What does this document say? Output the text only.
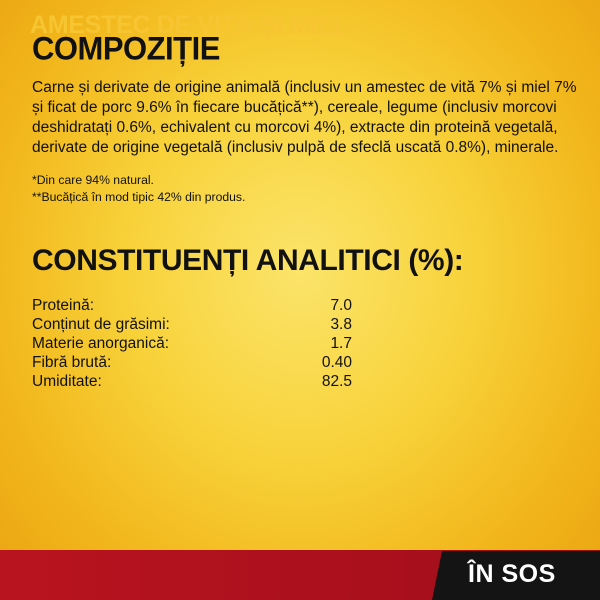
COMPOZIȚIE

Carne și derivate de origine animală (inclusiv un amestec de vită 7% și miel 7% și ficat de porc 9.6% în fiecare bucățică**), cereale, legume (inclusiv morcovi deshidratați 0.6%, echivalent cu morcovi 4%), extracte din proteină vegetală, derivate de origine vegetală (inclusiv pulpă de sfeclă uscată 0.8%), minerale.

*Din care 94% natural.
**Bucățică în mod tipic 42% din produs.
CONSTITUENȚI ANALITICI (%):
Proteină:	7.0
Conținut de grăsimi:	3.8
Materie anorganică:	1.7
Fibră brută:	0.40
Umiditate:	82.5
AMESTEC DE VITĂ ȘI MIEL
ÎN SOS
